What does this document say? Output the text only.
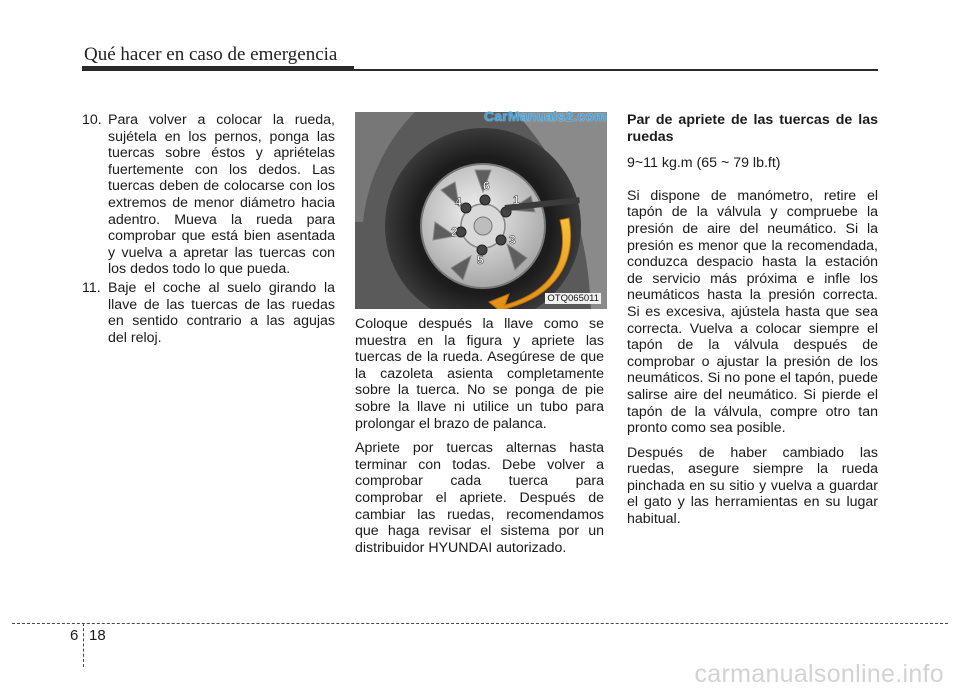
Qué hacer en caso de emergencia
10. Para volver a colocar la rueda, sujétela en los pernos, ponga las tuercas sobre éstos y apriételas fuertemente con los dedos. Las tuercas deben de colocarse con los extremos de menor diámetro hacia adentro. Mueva la rueda para comprobar que está bien asentada y vuelva a apretar las tuercas con los dedos todo lo que pueda.
11. Baje el coche al suelo girando la llave de las tuercas de las ruedas en sentido contrario a las agujas del reloj.
1
2
3
4
5
6
OTQ065011
CarManuals2.com

Coloque después la llave como se muestra en la figura y apriete las tuercas de la rueda. Asegúrese de que la cazoleta asienta completamente sobre la tuerca. No se ponga de pie sobre la llave ni utilice un tubo para prolongar el brazo de palanca.

Apriete por tuercas alternas hasta terminar con todas. Debe volver a comprobar cada tuerca para comprobar el apriete. Después de cambiar las ruedas, recomendamos que haga revisar el sistema por un distribuidor HYUNDAI autorizado.

Par de apriete de las tuercas de las ruedas

9~11 kg.m (65 ~ 79 lb.ft)

Si dispone de manómetro, retire el tapón de la válvula y compruebe la presión de aire del neumático. Si la presión es menor que la recomendada, conduzca despacio hasta la estación de servicio más próxima e infle los neumáticos hasta la presión correcta. Si es excesiva, ajústela hasta que sea correcta. Vuelva a colocar siempre el tapón de la válvula después de comprobar o ajustar la presión de los neumáticos. Si no pone el tapón, puede salirse aire del neumático. Si pierde el tapón de la válvula, compre otro tan pronto como sea posible.

Después de haber cambiado las ruedas, asegure siempre la rueda pinchada en su sitio y vuelva a guardar el gato y las herramientas en su lugar habitual.

6 18
carmanualsonline.info
